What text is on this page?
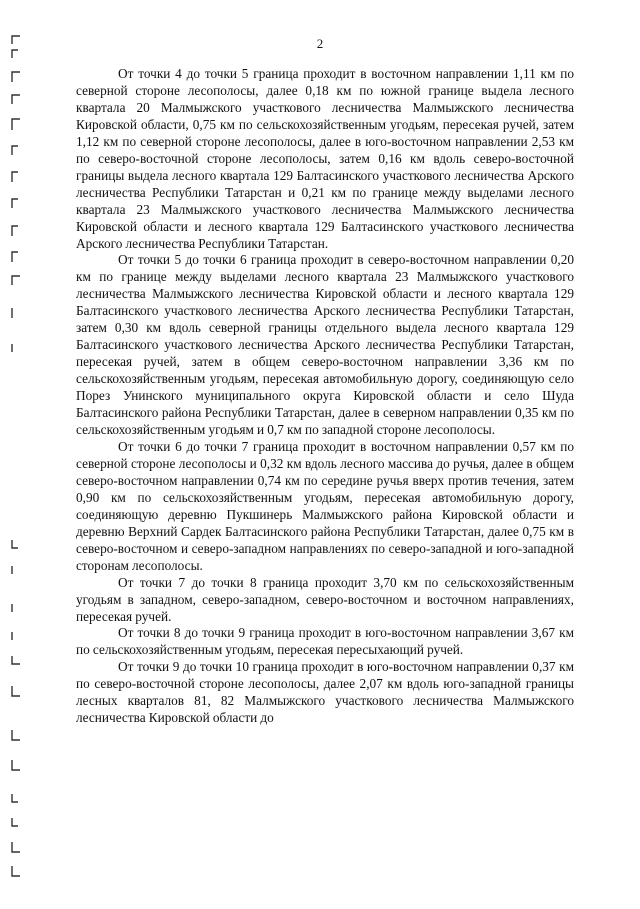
2

От точки 4 до точки 5 граница проходит в восточном направлении 1,11 км по северной стороне лесополосы, далее 0,18 км по южной границе выдела лесного квартала 20 Малмыжского участкового лесничества Малмыжского лесничества Кировской области, 0,75 км по сельскохозяйственным угодьям, пересекая ручей, затем 1,12 км по северной стороне лесополосы, далее в юго-восточном направлении 2,53 км по северо-восточной стороне лесополосы, затем 0,16 км вдоль северо-восточной границы выдела лесного квартала 129 Балтасинского участкового лесничества Арского лесничества Республики Татарстан и 0,21 км по границе между выделами лесного квартала 23 Малмыжского участкового лесничества Малмыжского лесничества Кировской области и лесного квартала 129 Балтасинского участкового лесничества Арского лесничества Республики Татарстан.

От точки 5 до точки 6 граница проходит в северо-восточном направлении 0,20 км по границе между выделами лесного квартала 23 Малмыжского участкового лесничества Малмыжского лесничества Кировской области и лесного квартала 129 Балтасинского участкового лесничества Арского лесничества Республики Татарстан, затем 0,30 км вдоль северной границы отдельного выдела лесного квартала 129 Балтасинского участкового лесничества Арского лесничества Республики Татарстан, пересекая ручей, затем в общем северо-восточном направлении 3,36 км по сельскохозяйственным угодьям, пересекая автомобильную дорогу, соединяющую село Порез Унинского муниципального округа Кировской области и село Шуда Балтасинского района Республики Татарстан, далее в северном направлении 0,35 км по сельскохозяйственным угодьям и 0,7 км по западной стороне лесополосы.

От точки 6 до точки 7 граница проходит в восточном направлении 0,57 км по северной стороне лесополосы и 0,32 км вдоль лесного массива до ручья, далее в общем северо-восточном направлении 0,74 км по середине ручья вверх против течения, затем 0,90 км по сельскохозяйственным угодьям, пересекая автомобильную дорогу, соединяющую деревню Пукшинерь Малмыжского района Кировской области и деревню Верхний Сардек Балтасинского района Республики Татарстан, далее 0,75 км в северо-восточном и северо-западном направлениях по северо-западной и юго-западной сторонам лесополосы.

От точки 7 до точки 8 граница проходит 3,70 км по сельскохозяйственным угодьям в западном, северо-западном, северо-восточном и восточном направлениях, пересекая ручей.

От точки 8 до точки 9 граница проходит в юго-восточном направлении 3,67 км по сельскохозяйственным угодьям, пересекая пересыхающий ручей.

От точки 9 до точки 10 граница проходит в юго-восточном направлении 0,37 км по северо-восточной стороне лесополосы, далее 2,07 км вдоль юго-западной границы лесных кварталов 81, 82 Малмыжского участкового лесничества Малмыжского лесничества Кировской области до
